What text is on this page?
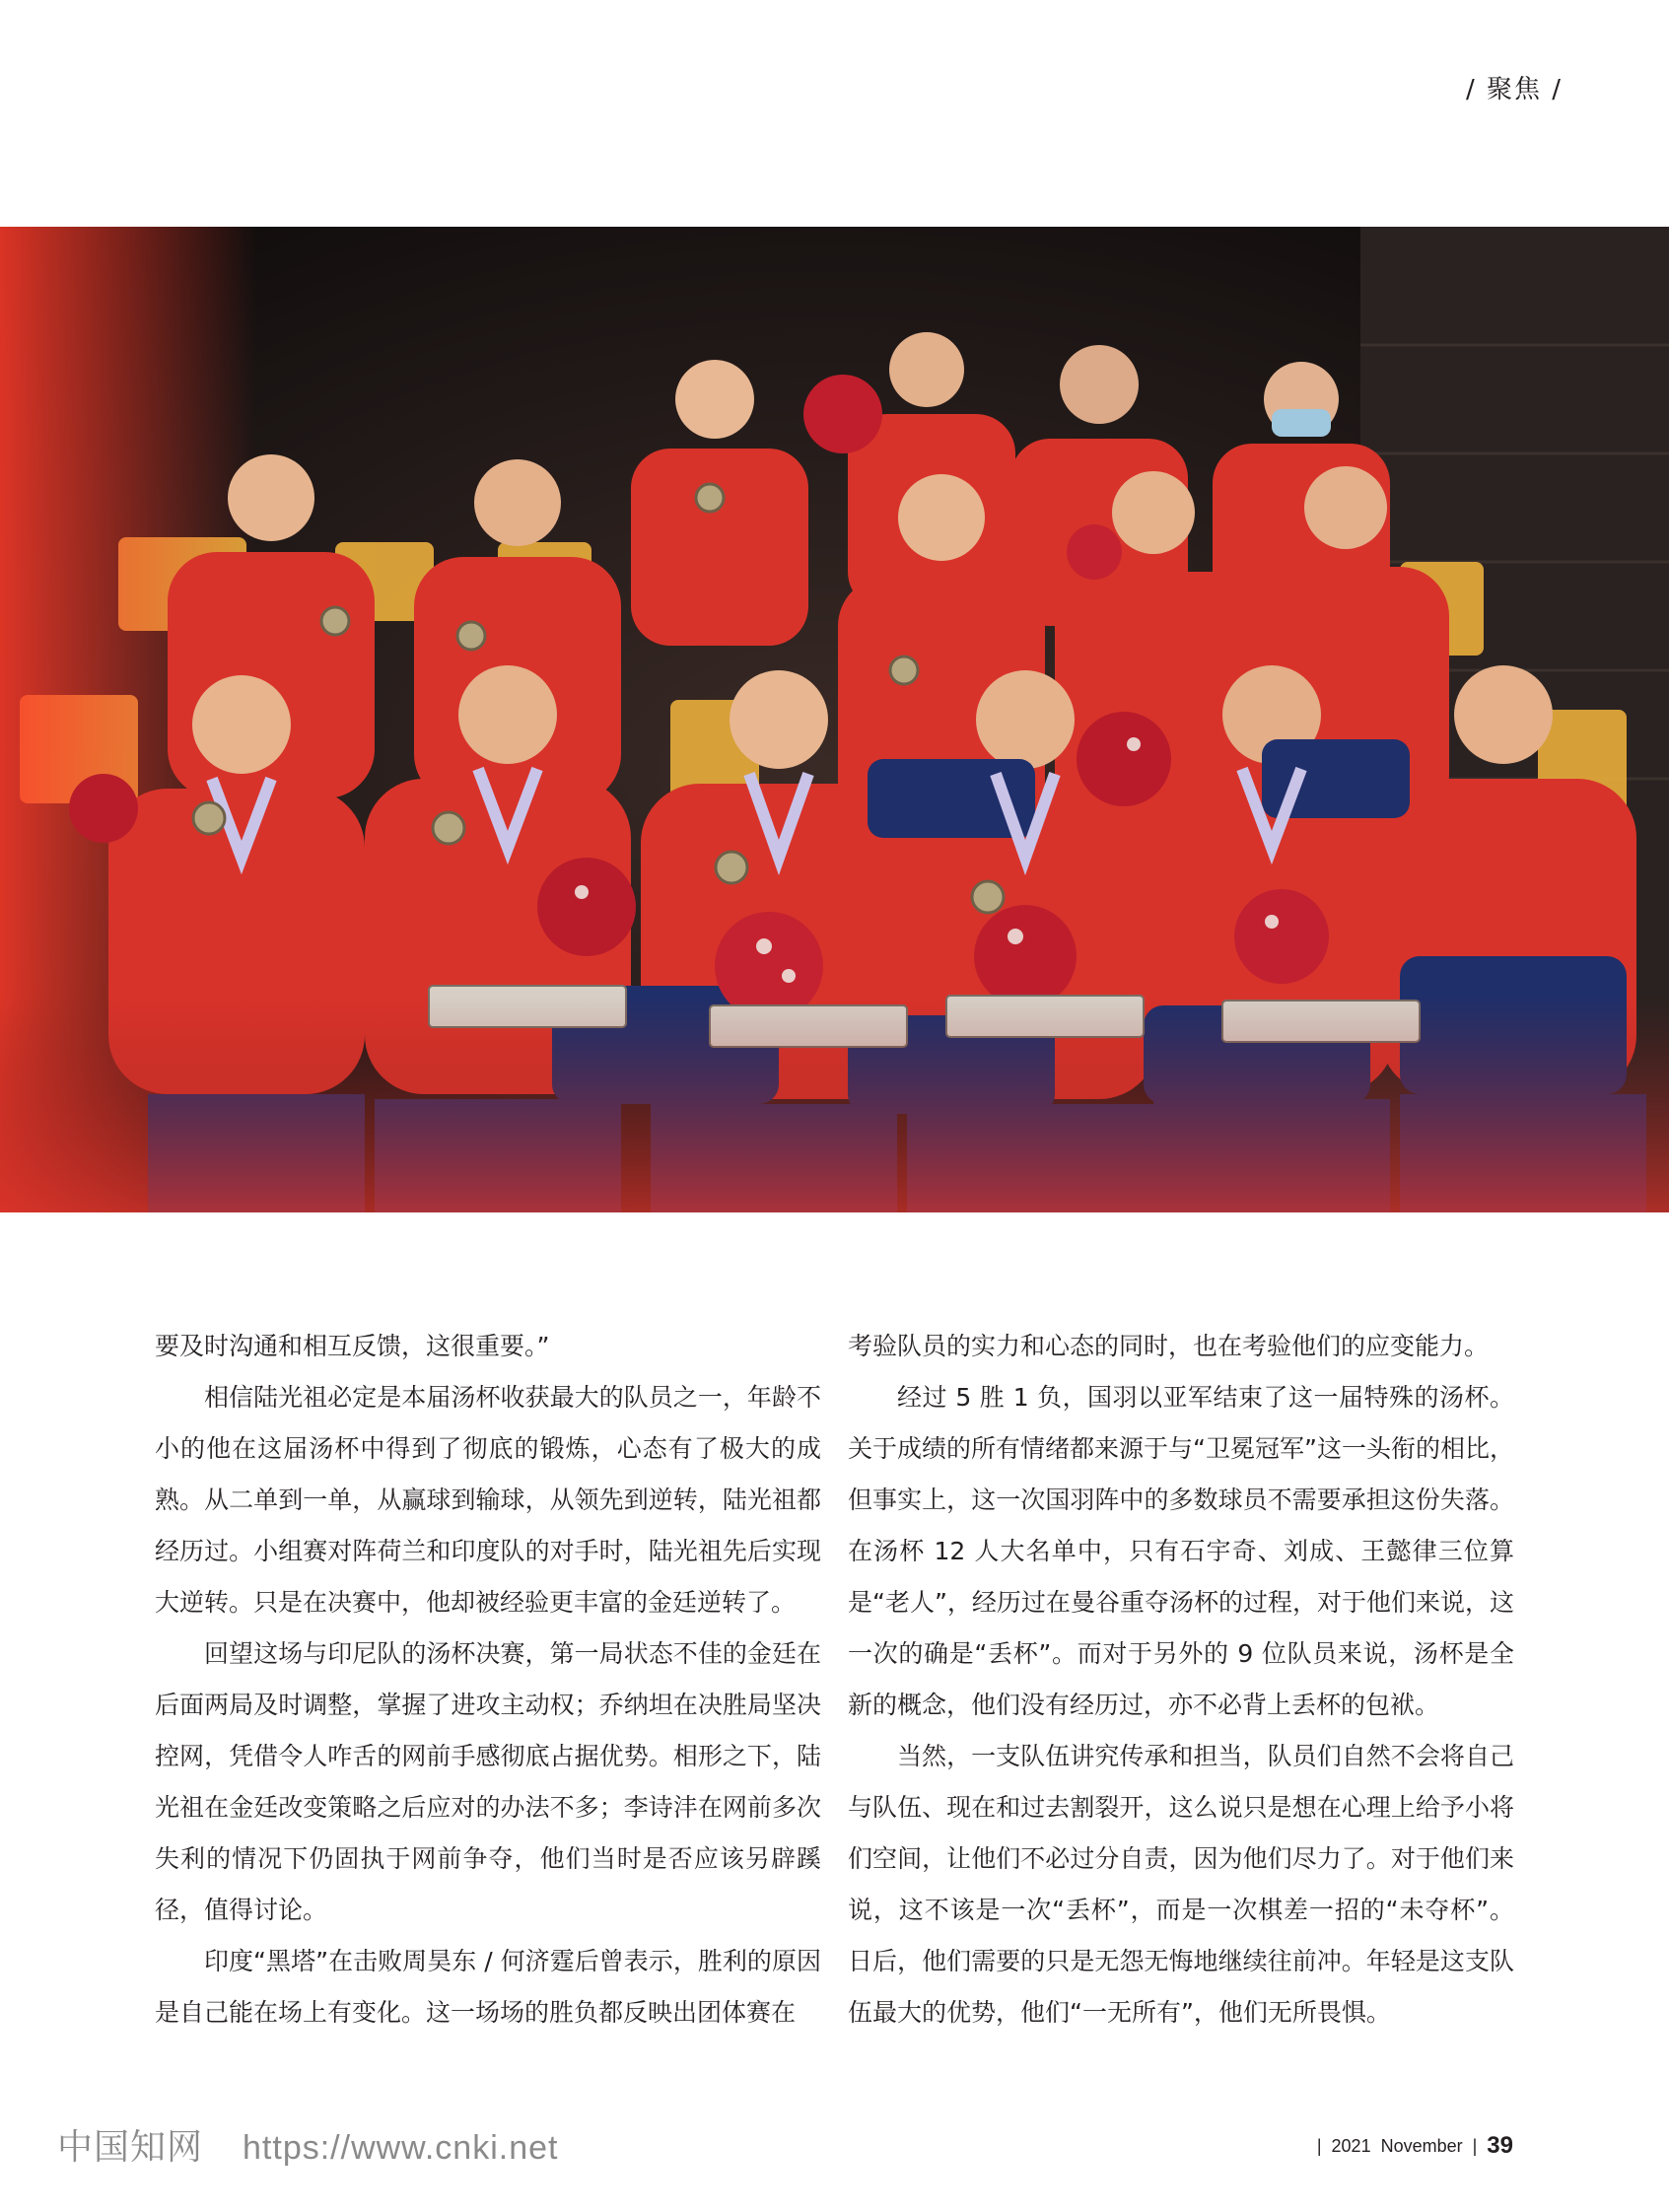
/ 聚焦 /

要及时沟通和相互反馈，这很重要。”

相信陆光祖必定是本届汤杯收获最大的队员之一，年龄不小的他在这届汤杯中得到了彻底的锻炼，心态有了极大的成熟。从二单到一单，从赢球到输球，从领先到逆转，陆光祖都经历过。小组赛对阵荷兰和印度队的对手时，陆光祖先后实现大逆转。只是在决赛中，他却被经验更丰富的金廷逆转了。

回望这场与印尼队的汤杯决赛，第一局状态不佳的金廷在后面两局及时调整，掌握了进攻主动权；乔纳坦在决胜局坚决控网，凭借令人咋舌的网前手感彻底占据优势。相形之下，陆光祖在金廷改变策略之后应对的办法不多；李诗沣在网前多次失利的情况下仍固执于网前争夺，他们当时是否应该另辟蹊径，值得讨论。

印度“黑塔”在击败周昊东 / 何济霆后曾表示，胜利的原因是自己能在场上有变化。这一场场的胜负都反映出团体赛在

考验队员的实力和心态的同时，也在考验他们的应变能力。

经过 5 胜 1 负，国羽以亚军结束了这一届特殊的汤杯。关于成绩的所有情绪都来源于与“卫冕冠军”这一头衔的相比，但事实上，这一次国羽阵中的多数球员不需要承担这份失落。在汤杯 12 人大名单中，只有石宇奇、刘成、王懿律三位算是“老人”，经历过在曼谷重夺汤杯的过程，对于他们来说，这一次的确是“丢杯”。而对于另外的 9 位队员来说，汤杯是全新的概念，他们没有经历过，亦不必背上丢杯的包袱。

当然，一支队伍讲究传承和担当，队员们自然不会将自己与队伍、现在和过去割裂开，这么说只是想在心理上给予小将们空间，让他们不必过分自责，因为他们尽力了。对于他们来说，这不该是一次“丢杯”，而是一次棋差一招的“未夺杯”。日后，他们需要的只是无怨无悔地继续往前冲。年轻是这支队伍最大的优势，他们“一无所有”，他们无所畏惧。

中国知网 https://www.cnki.net	| 2021 November | 39
